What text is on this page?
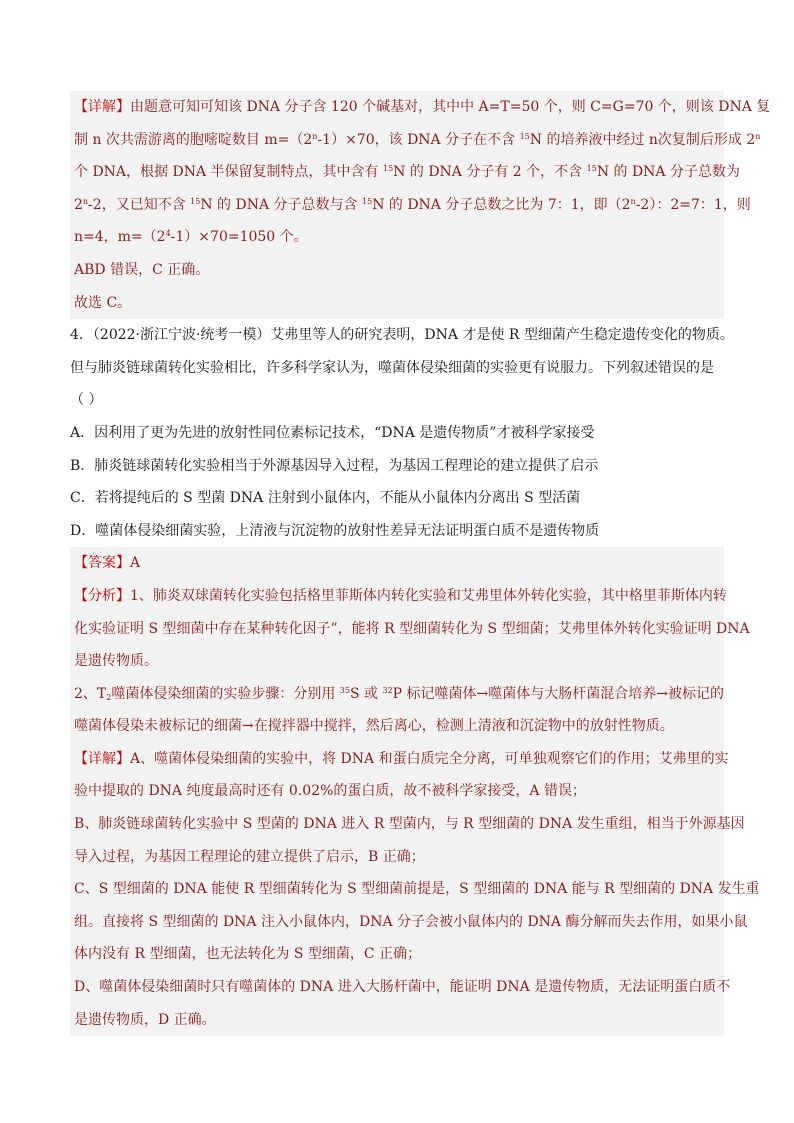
【详解】由题意可知可知该 DNA 分子含 120 个碱基对，其中中 A=T=50 个，则 C=G=70 个，则该 DNA 复
制 n 次共需游离的胞嘧啶数目 $m=(2^n-1)\times 70$，该 DNA 分子在不含 $^{15}$N 的培养液中经过 n次复制后形成 2$^n$
个 DNA，根据 DNA 半保留复制特点，其中含有 $^{15}$N 的 DNA 分子有 2 个，不含 $^{15}$N 的 DNA 分子总数为
2$^n$-2，又已知不含 $^{15}$N 的 DNA 分子总数与含 $^{15}$N 的 DNA 分子总数之比为 7：1，即（2$^n$-2）：2=7：1，则
n=4，$m=(2^4-1)\times 70=1050$ 个。
ABD 错误，C 正确。
故选 C。
4．（2022·浙江宁波·统考一模）艾弗里等人的研究表明，DNA 才是使 R 型细菌产生稳定遗传变化的物质。
但与肺炎链球菌转化实验相比，许多科学家认为，噬菌体侵染细菌的实验更有说服力。下列叙述错误的是
（ ）
A．因利用了更为先进的放射性同位素标记技术，“DNA 是遗传物质”才被科学家接受
B．肺炎链球菌转化实验相当于外源基因导入过程，为基因工程理论的建立提供了启示
C．若将提纯后的 S 型菌 DNA 注射到小鼠体内，不能从小鼠体内分离出 S 型活菌
D．噬菌体侵染细菌实验，上清液与沉淀物的放射性差异无法证明蛋白质不是遗传物质
【答案】A
【分析】1、肺炎双球菌转化实验包括格里菲斯体内转化实验和艾弗里体外转化实验，其中格里菲斯体内转
化实验证明 S 型细菌中存在某种转化因子”，能将 R 型细菌转化为 S 型细菌；艾弗里体外转化实验证明 DNA
是遗传物质。
2、$T_2$噬菌体侵染细菌的实验步骤：分别用 $^{35}$S 或 $^{32}$P 标记噬菌体→噬菌体与大肠杆菌混合培养→被标记的
噬菌体侵染未被标记的细菌→在搅拌器中搅拌，然后离心，检测上清液和沉淀物中的放射性物质。
【详解】A、噬菌体侵染细菌的实验中，将 DNA 和蛋白质完全分离，可单独观察它们的作用；艾弗里的实
验中提取的 DNA 纯度最高时还有 0.02%的蛋白质，故不被科学家接受，A 错误；
B、肺炎链球菌转化实验中 S 型菌的 DNA 进入 R 型菌内，与 R 型细菌的 DNA 发生重组，相当于外源基因
导入过程，为基因工程理论的建立提供了启示，B 正确；
C、S 型细菌的 DNA 能使 R 型细菌转化为 S 型细菌前提是，S 型细菌的 DNA 能与 R 型细菌的 DNA 发生重
组。直接将 S 型细菌的 DNA 注入小鼠体内，DNA 分子会被小鼠体内的 DNA 酶分解而失去作用，如果小鼠
体内没有 R 型细菌，也无法转化为 S 型细菌，C 正确；
D、噬菌体侵染细菌时只有噬菌体的 DNA 进入大肠杆菌中，能证明 DNA 是遗传物质，无法证明蛋白质不
是遗传物质，D 正确。
